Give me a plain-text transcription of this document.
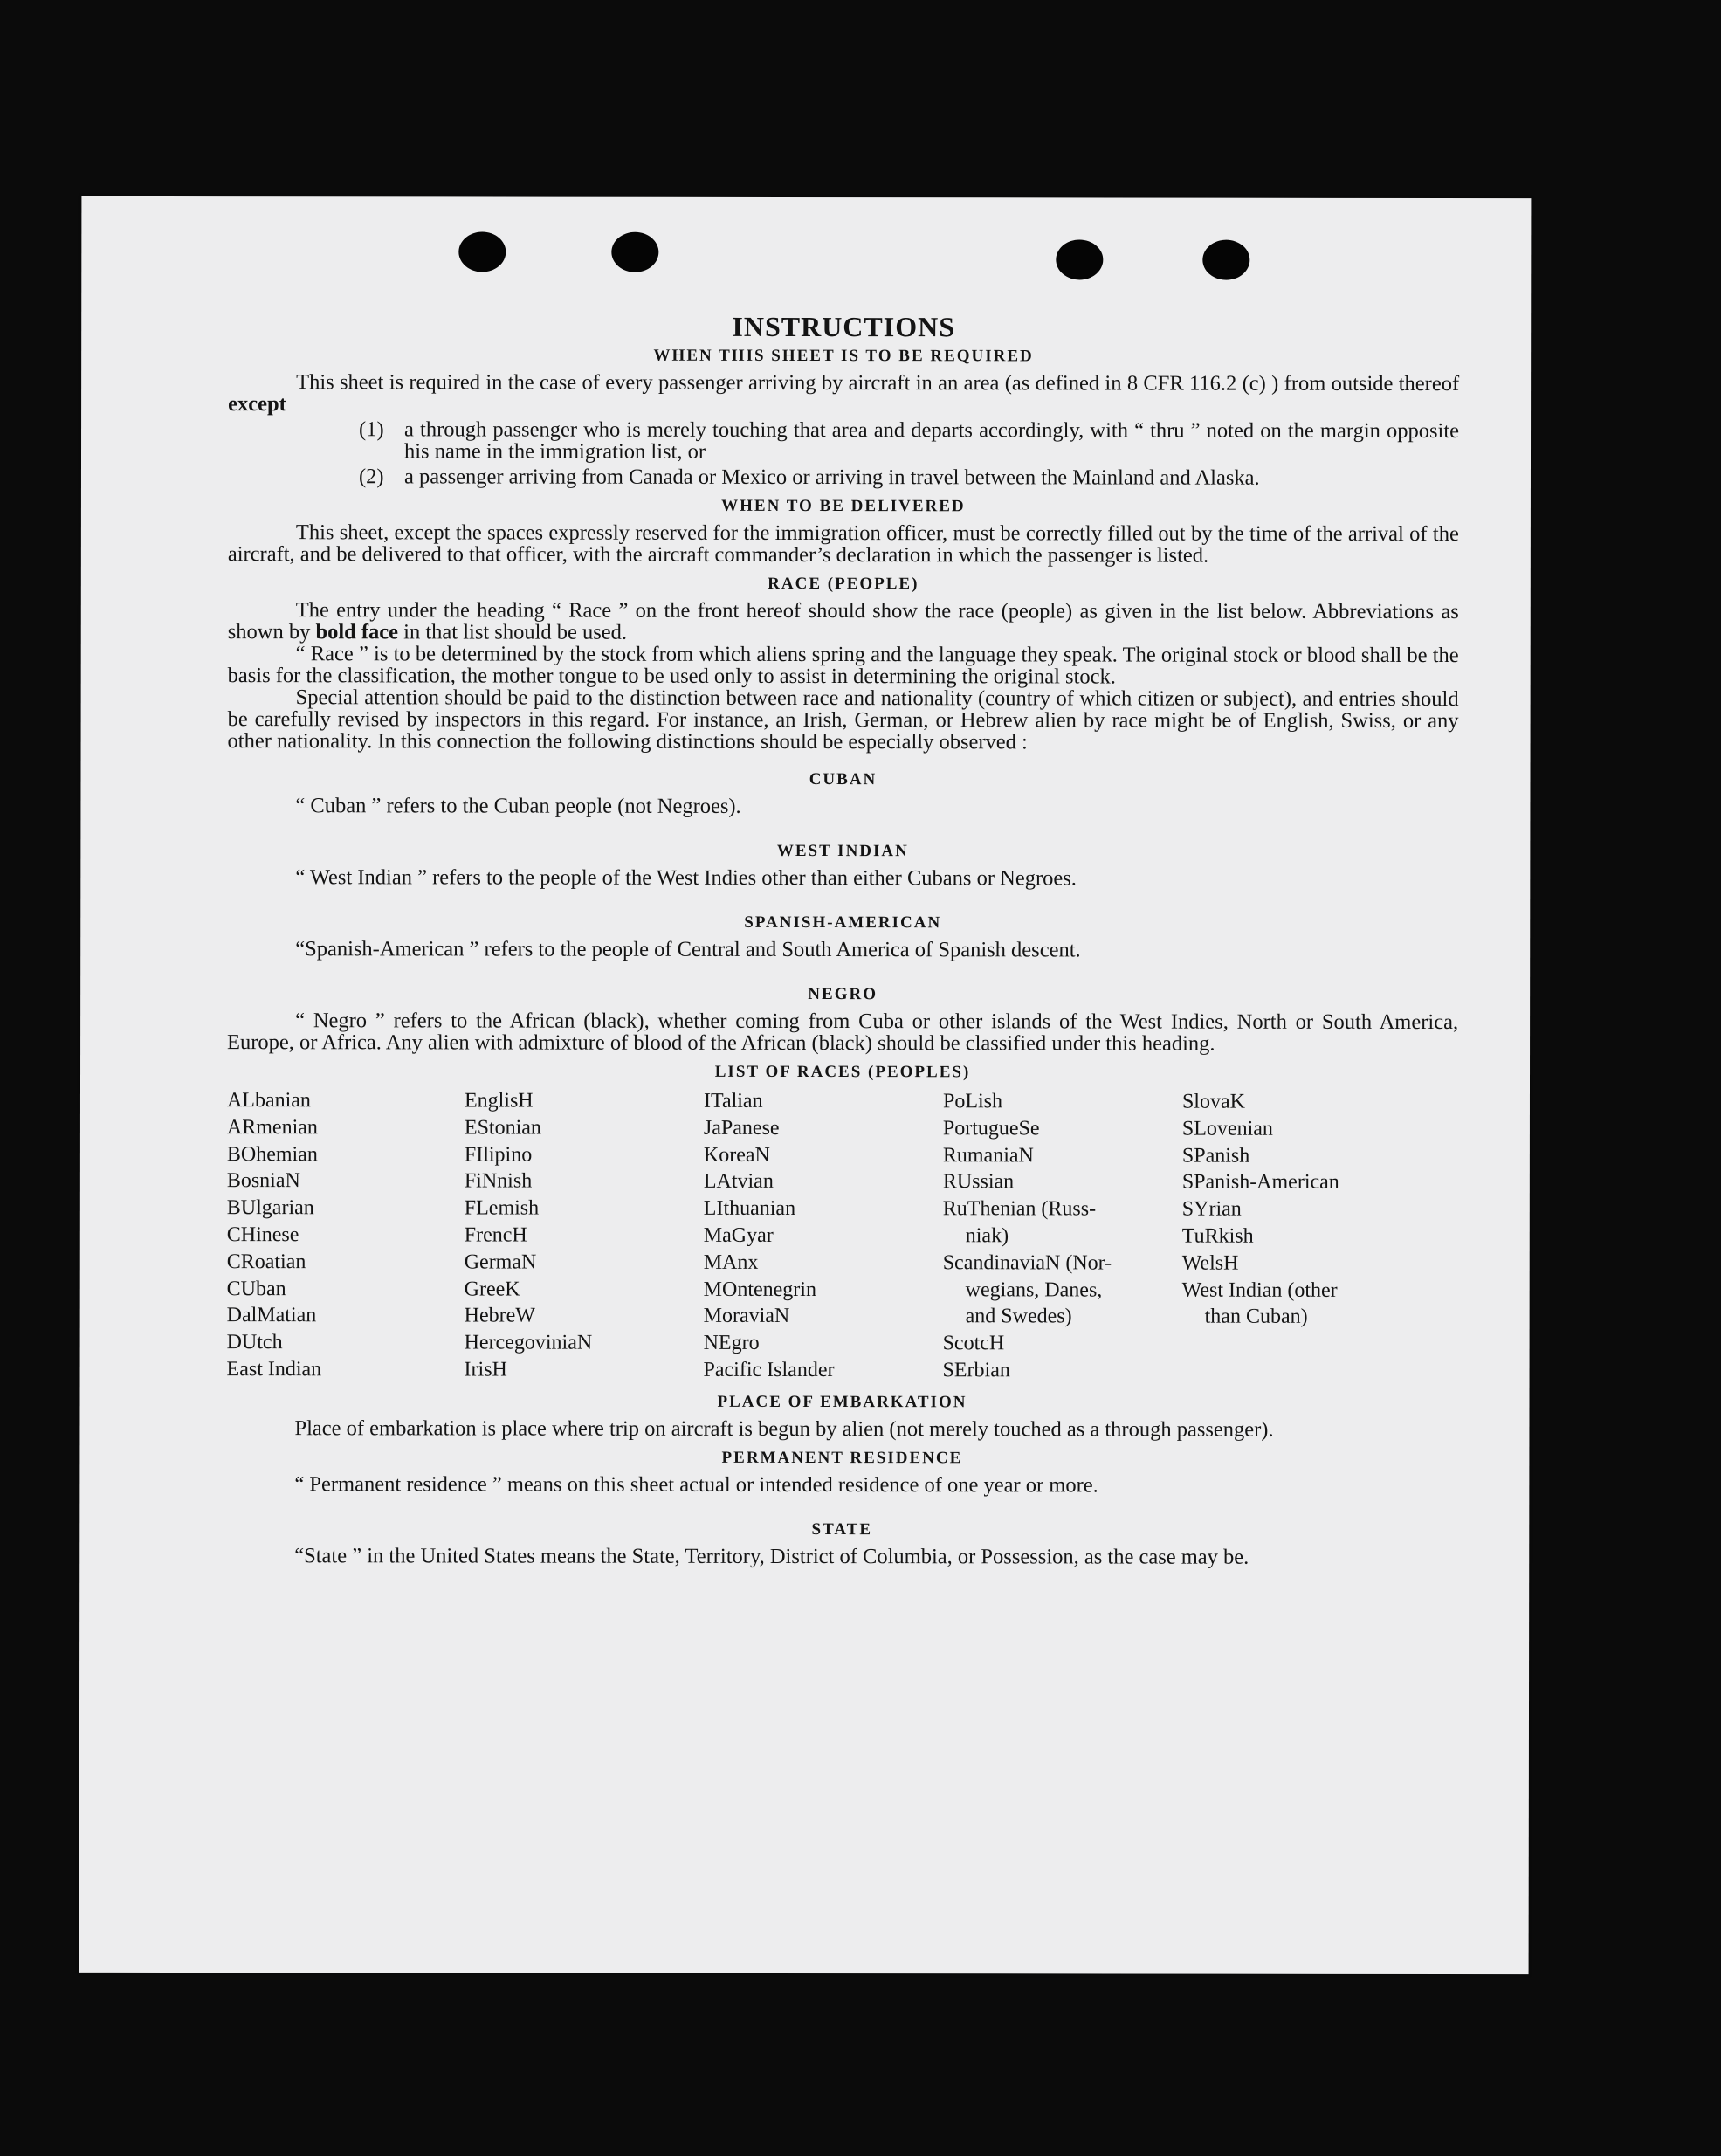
INSTRUCTIONS
WHEN THIS SHEET IS TO BE REQUIRED

This sheet is required in the case of every passenger arriving by aircraft in an area (as defined in 8 CFR 116.2 (c) ) from outside thereof except

(1) a through passenger who is merely touching that area and departs accordingly, with “ thru ” noted on the margin opposite his name in the immigration list, or
(2) a passenger arriving from Canada or Mexico or arriving in travel between the Mainland and Alaska.
WHEN TO BE DELIVERED

This sheet, except the spaces expressly reserved for the immigration officer, must be correctly filled out by the time of the arrival of the aircraft, and be delivered to that officer, with the aircraft commander’s declaration in which the passenger is listed.

RACE (PEOPLE)

The entry under the heading “ Race ” on the front hereof should show the race (people) as given in the list below. Abbreviations as shown by bold face in that list should be used.

“ Race ” is to be determined by the stock from which aliens spring and the language they speak. The original stock or blood shall be the basis for the classification, the mother tongue to be used only to assist in determining the original stock.

Special attention should be paid to the distinction between race and nationality (country of which citizen or subject), and entries should be carefully revised by inspectors in this regard. For instance, an Irish, German, or Hebrew alien by race might be of English, Swiss, or any other nationality. In this connection the following distinctions should be especially observed :

CUBAN

“ Cuban ” refers to the Cuban people (not Negroes).

WEST INDIAN

“ West Indian ” refers to the people of the West Indies other than either Cubans or Negroes.

SPANISH-AMERICAN

“Spanish-American ” refers to the people of Central and South America of Spanish descent.

NEGRO

“ Negro ” refers to the African (black), whether coming from Cuba or other islands of the West Indies, North or South America, Europe, or Africa. Any alien with admixture of blood of the African (black) should be classified under this heading.

LIST OF RACES (PEOPLES)
ALbanian
ARmenian
BOhemian
BosniaN
BUlgarian
CHinese
CRoatian
CUban
DalMatian
DUtch
East Indian
EnglisH
EStonian
FIlipino
FiNnish
FLemish
FrencH
GermaN
GreeK
HebreW
HercegoviniaN
IrisH
ITalian
JaPanese
KoreaN
LAtvian
LIthuanian
MaGyar
MAnx
MOntenegrin
MoraviaN
NEgro
Pacific Islander
PoLish
PortugueSe
RumaniaN
RUssian
RuThenian (Russ-
niak)
ScandinaviaN (Nor-
wegians, Danes,
and Swedes)
ScotcH
SErbian
SlovaK
SLovenian
SPanish
SPanish-American
SYrian
TuRkish
WelsH
West Indian (other
than Cuban)
PLACE OF EMBARKATION

Place of embarkation is place where trip on aircraft is begun by alien (not merely touched as a through passenger).

PERMANENT RESIDENCE

“ Permanent residence ” means on this sheet actual or intended residence of one year or more.

STATE

“State ” in the United States means the State, Territory, District of Columbia, or Possession, as the case may be.
